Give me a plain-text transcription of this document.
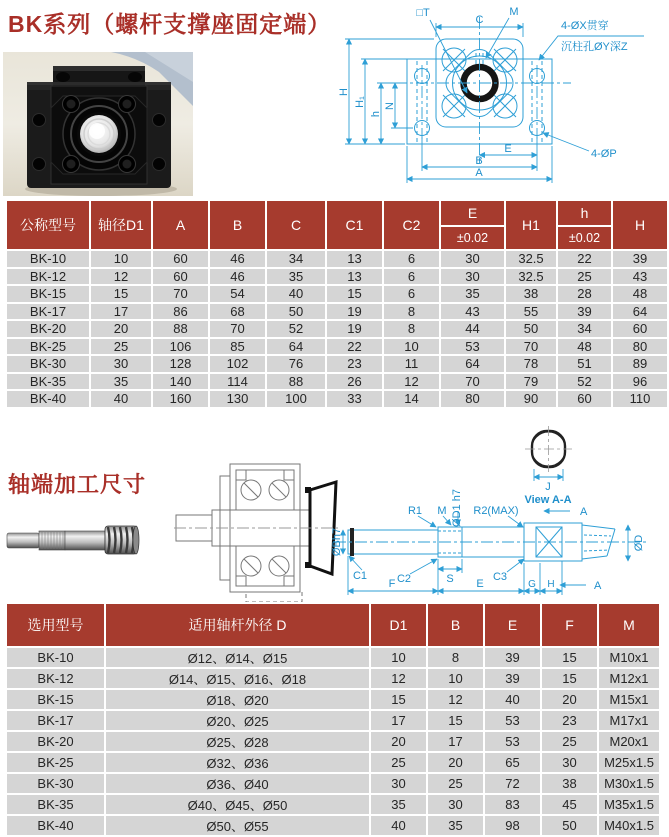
BK系列（螺杆支撑座固定端）	C
M
□T
4-ØX贯穿
沉柱孔ØY深Z
H
H₁
h
N
E
B
A
4-ØP
公称型号	轴径D1	A	B	C	C1	C2	E	H1	h	H
							±0.02		±0.02	
BK-10	10	60	46	34	13	6	30	32.5	22	39
BK-12	12	60	46	35	13	6	30	32.5	25	43
BK-15	15	70	54	40	15	6	35	38	28	48
BK-17	17	86	68	50	19	8	43	55	39	64
BK-20	20	88	70	52	19	8	44	50	34	60
BK-25	25	106	85	64	22	10	53	70	48	80
BK-30	30	128	102	76	23	11	64	78	51	89
BK-35	35	140	114	88	26	12	70	79	52	96
BK-40	40	160	130	100	33	14	80	90	60	110
轴端加工尺寸	J
View A-A
ØBh7
C1	C2	S	C3
F	E	G H
R1 M ØD1 h7 R2(MAX)	A
A
ØD
选用型号	适用轴杆外径 D	D1	B	E	F	M
BK-10	Ø12、Ø14、Ø15	10	8	39	15	M10x1
BK-12	Ø14、Ø15、Ø16、Ø18	12	10	39	15	M12x1
BK-15	Ø18、Ø20	15	12	40	20	M15x1
BK-17	Ø20、Ø25	17	15	53	23	M17x1
BK-20	Ø25、Ø28	20	17	53	25	M20x1
BK-25	Ø32、Ø36	25	20	65	30	M25x1.5
BK-30	Ø36、Ø40	30	25	72	38	M30x1.5
BK-35	Ø40、Ø45、Ø50	35	30	83	45	M35x1.5
BK-40	Ø50、Ø55	40	35	98	50	M40x1.5
